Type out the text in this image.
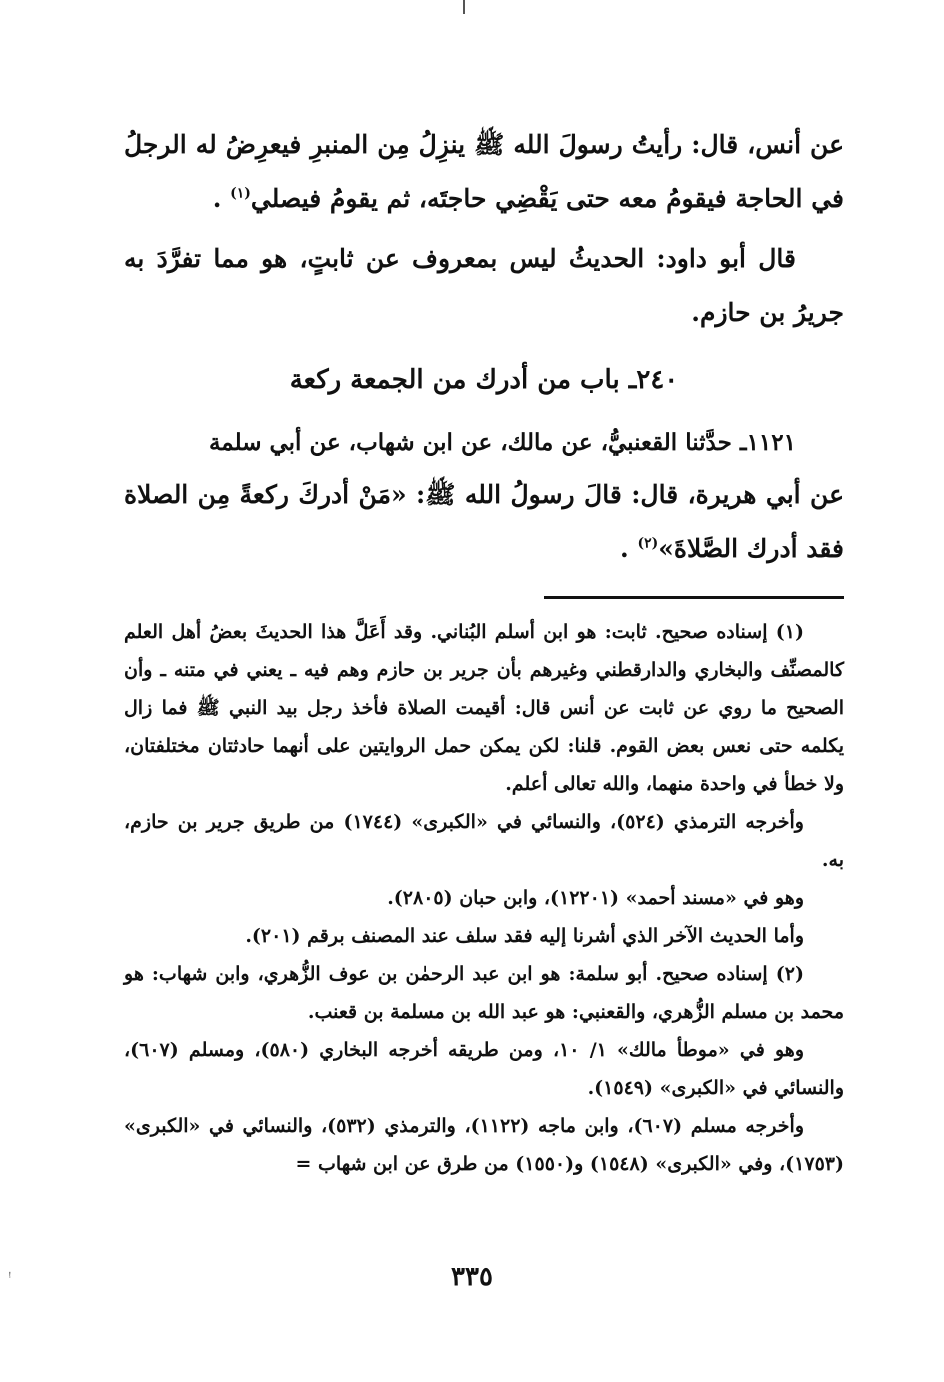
ꜝ

عن أنس، قال: رأيتُ رسولَ الله ﷺ ينزِلُ مِن المنبرِ فيعرِضُ له الرجلُ في الحاجة فيقومُ معه حتى يَقْضِي حاجتَه، ثم يقومُ فيصلي$^{(١)}$ .

قال أبو داود: الحديثُ ليس بمعروف عن ثابتٍ، هو مما تفرَّدَ به جريرُ بن حازم.

٢٤٠ـ باب من أدرك من الجمعة ركعة

١١٢١ـ حدَّثنا القعنبيُّ، عن مالك، عن ابن شهاب، عن أبي سلمة

عن أبي هريرة، قال: قالَ رسولُ الله ﷺ: «مَنْ أدركَ ركعةً مِن الصلاة فقد أدرك الصَّلاةَ»$^{(٢)}$ .

(١) إسناده صحيح. ثابت: هو ابن أسلم البُناني. وقد أَعَلَّ هذا الحديثَ بعضُ أهل العلم كالمصنِّف والبخاري والدارقطني وغيرهم بأن جرير بن حازم وهم فيه ـ يعني في متنه ـ وأن الصحيح ما روي عن ثابت عن أنس قال: أقيمت الصلاة فأخذ رجل بيد النبي ﷺ فما زال يكلمه حتى نعس بعض القوم. قلنا: لكن يمكن حمل الروايتين على أنهما حادثتان مختلفتان، ولا خطأ في واحدة منهما، والله تعالى أعلم.

وأخرجه الترمذي (٥٢٤)، والنسائي في «الكبرى» (١٧٤٤) من طريق جرير بن حازم، به.

وهو في «مسند أحمد» (١٢٢٠١)، وابن حبان (٢٨٠٥).

وأما الحديث الآخر الذي أشرنا إليه فقد سلف عند المصنف برقم (٢٠١).

(٢) إسناده صحيح. أبو سلمة: هو ابن عبد الرحمٰن بن عوف الزُّهري، وابن شهاب: هو محمد بن مسلم الزُّهري، والقعنبي: هو عبد الله بن مسلمة بن قعنب.

وهو في «موطأ مالك» ١/ ١٠، ومن طريقه أخرجه البخاري (٥٨٠)، ومسلم (٦٠٧)، والنسائي في «الكبرى» (١٥٤٩).

وأخرجه مسلم (٦٠٧)، وابن ماجه (١١٢٢)، والترمذي (٥٣٢)، والنسائي في «الكبرى» (١٧٥٣)، وفي «الكبرى» (١٥٤٨) و(١٥٥٠) من طرق عن ابن شهاب =

٣٣٥
